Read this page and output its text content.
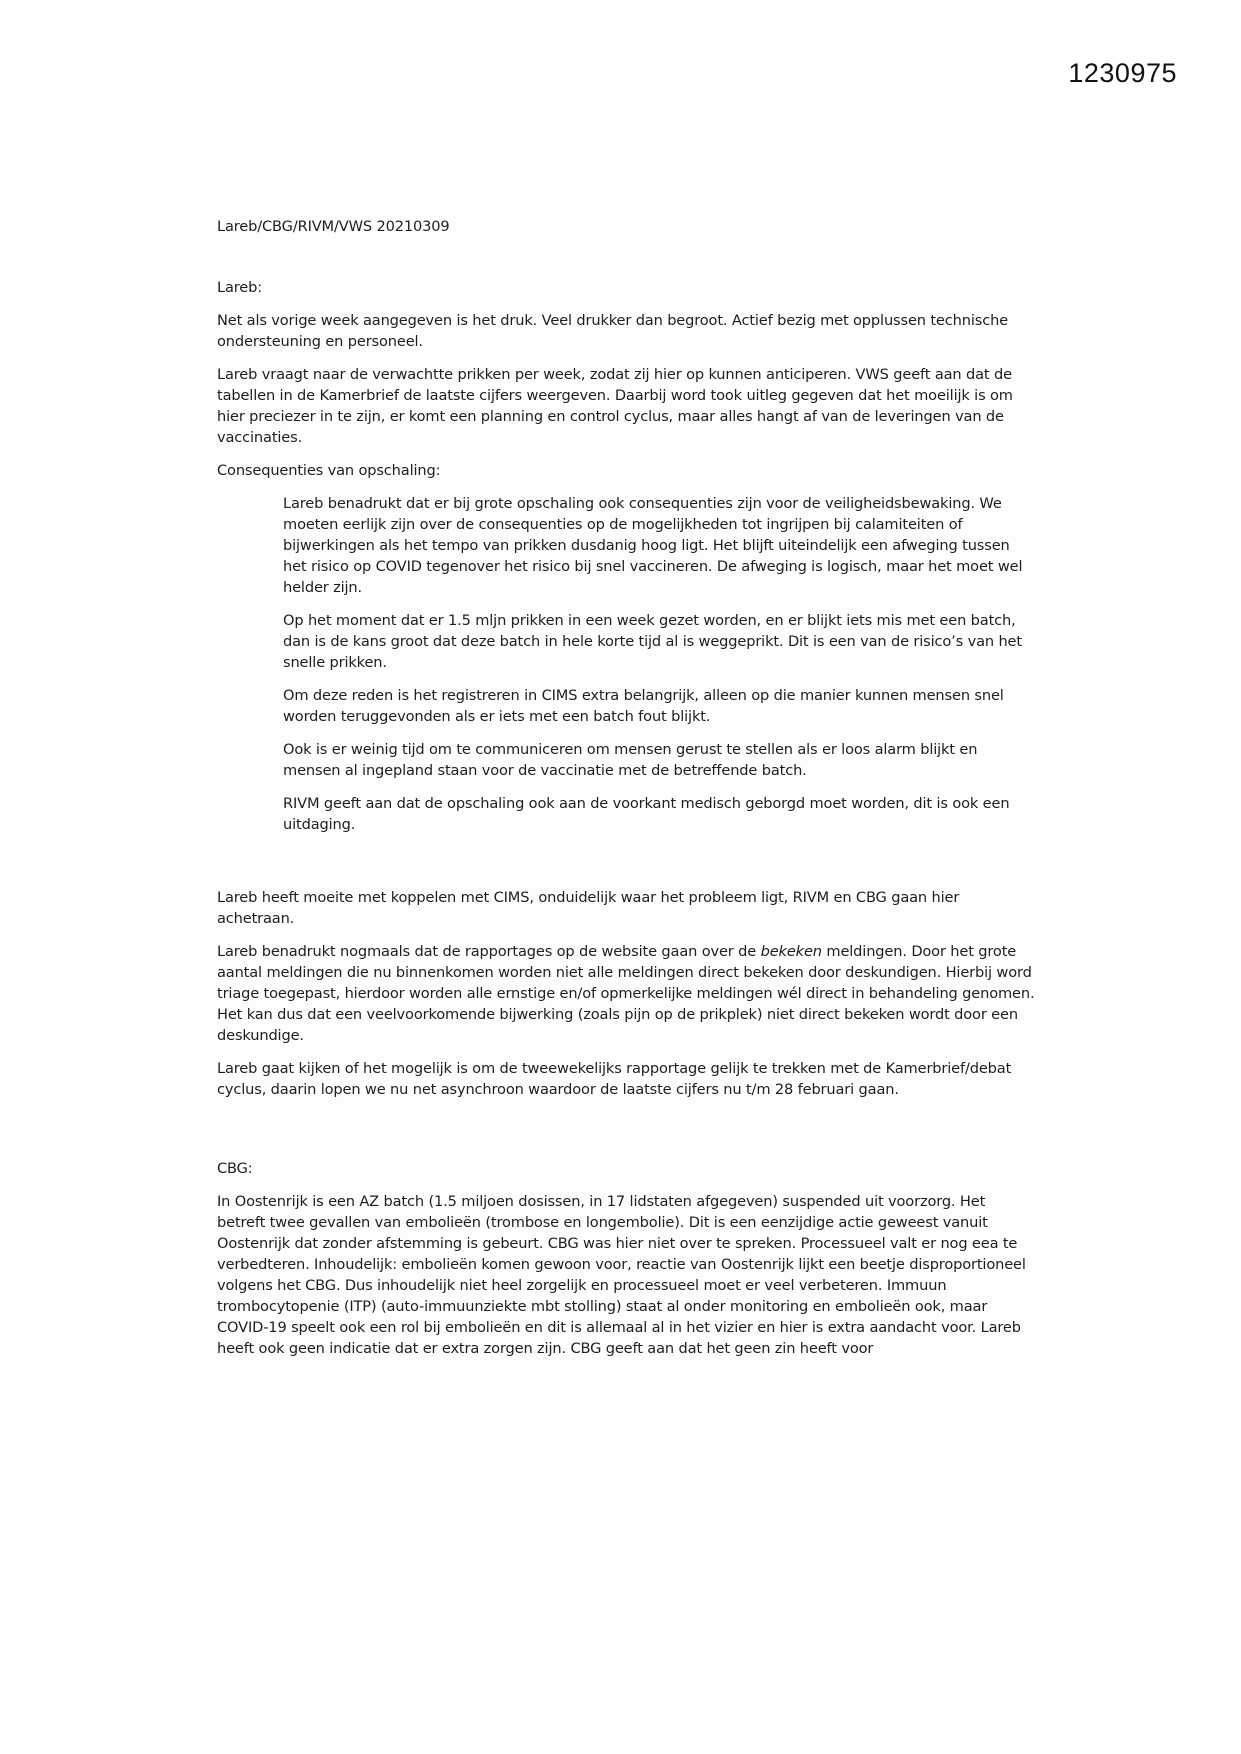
1230975

Lareb/CBG/RIVM/VWS 20210309

Lareb:

Net als vorige week aangegeven is het druk. Veel drukker dan begroot. Actief bezig met opplussen technische ondersteuning en personeel.

Lareb vraagt naar de verwachtte prikken per week, zodat zij hier op kunnen anticiperen. VWS geeft aan dat de tabellen in de Kamerbrief de laatste cijfers weergeven. Daarbij word took uitleg gegeven dat het moeilijk is om hier preciezer in te zijn, er komt een planning en control cyclus, maar alles hangt af van de leveringen van de vaccinaties.

Consequenties van opschaling:

Lareb benadrukt dat er bij grote opschaling ook consequenties zijn voor de veiligheidsbewaking. We moeten eerlijk zijn over de consequenties op de mogelijkheden tot ingrijpen bij calamiteiten of bijwerkingen als het tempo van prikken dusdanig hoog ligt. Het blijft uiteindelijk een afweging tussen het risico op COVID tegenover het risico bij snel vaccineren. De afweging is logisch, maar het moet wel helder zijn.

Op het moment dat er 1.5 mljn prikken in een week gezet worden, en er blijkt iets mis met een batch, dan is de kans groot dat deze batch in hele korte tijd al is weggeprikt. Dit is een van de risico’s van het snelle prikken.

Om deze reden is het registreren in CIMS extra belangrijk, alleen op die manier kunnen mensen snel worden teruggevonden als er iets met een batch fout blijkt.

Ook is er weinig tijd om te communiceren om mensen gerust te stellen als er loos alarm blijkt en mensen al ingepland staan voor de vaccinatie met de betreffende batch.

RIVM geeft aan dat de opschaling ook aan de voorkant medisch geborgd moet worden, dit is ook een uitdaging.

Lareb heeft moeite met koppelen met CIMS, onduidelijk waar het probleem ligt, RIVM en CBG gaan hier achetraan.

Lareb benadrukt nogmaals dat de rapportages op de website gaan over de bekeken meldingen. Door het grote aantal meldingen die nu binnenkomen worden niet alle meldingen direct bekeken door deskundigen. Hierbij word triage toegepast, hierdoor worden alle ernstige en/of opmerkelijke meldingen wél direct in behandeling genomen. Het kan dus dat een veelvoorkomende bijwerking (zoals pijn op de prikplek) niet direct bekeken wordt door een deskundige.

Lareb gaat kijken of het mogelijk is om de tweewekelijks rapportage gelijk te trekken met de Kamerbrief/debat cyclus, daarin lopen we nu net asynchroon waardoor de laatste cijfers nu t/m 28 februari gaan.

CBG:

In Oostenrijk is een AZ batch (1.5 miljoen dosissen, in 17 lidstaten afgegeven) suspended uit voorzorg. Het betreft twee gevallen van embolieën (trombose en longembolie). Dit is een eenzijdige actie geweest vanuit Oostenrijk dat zonder afstemming is gebeurt. CBG was hier niet over te spreken. Processueel valt er nog eea te verbedteren. Inhoudelijk: embolieën komen gewoon voor, reactie van Oostenrijk lijkt een beetje disproportioneel volgens het CBG. Dus inhoudelijk niet heel zorgelijk en processueel moet er veel verbeteren. Immuun trombocytopenie (ITP) (auto-immuunziekte mbt stolling) staat al onder monitoring en embolieën ook, maar COVID-19 speelt ook een rol bij embolieën en dit is allemaal al in het vizier en hier is extra aandacht voor. Lareb heeft ook geen indicatie dat er extra zorgen zijn. CBG geeft aan dat het geen zin heeft voor
